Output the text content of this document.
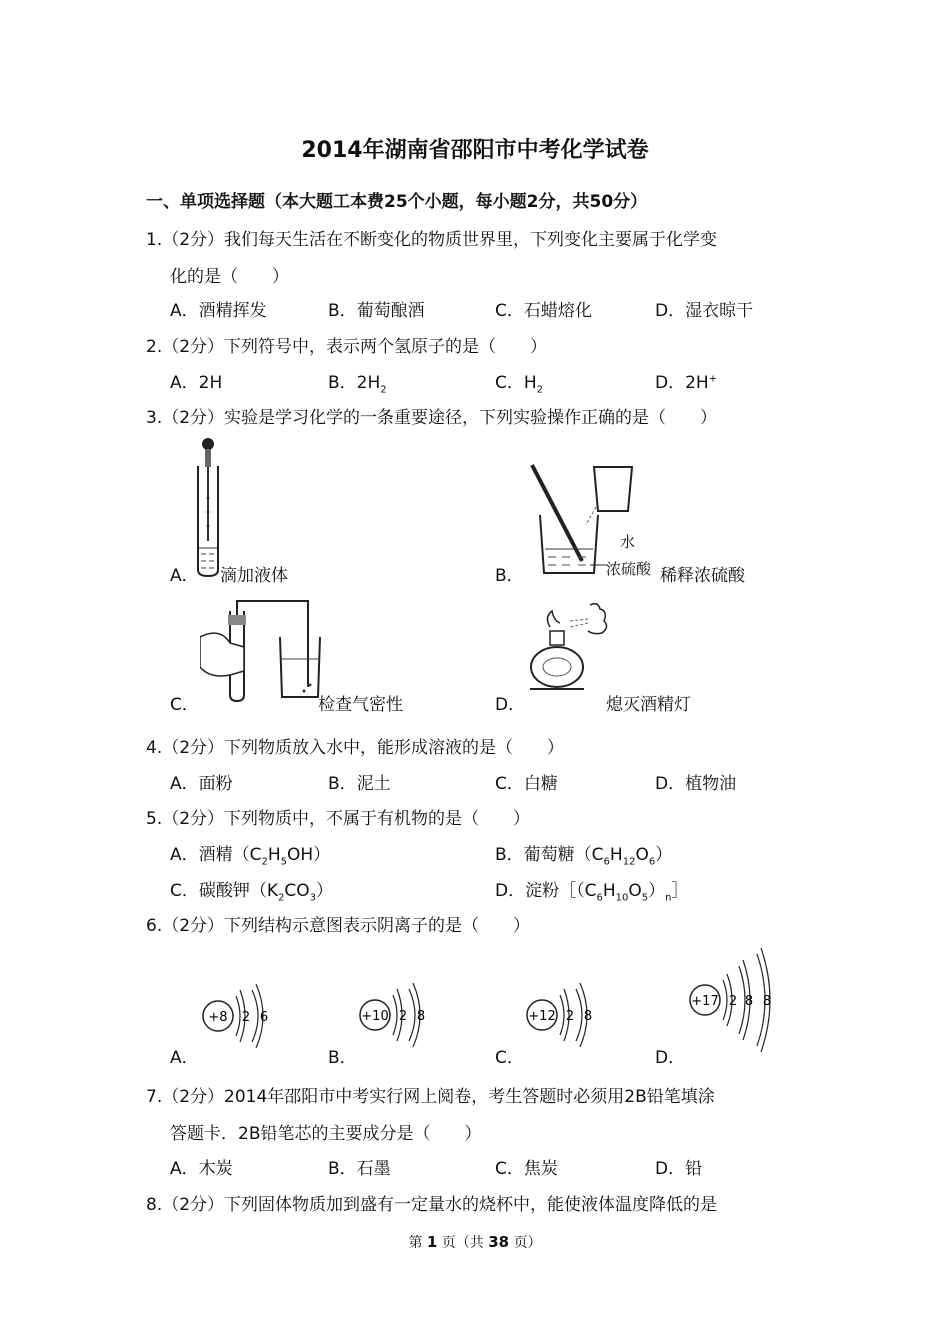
2014年湖南省邵阳市中考化学试卷
一、单项选择题（本大题工本费25个小题，每小题2分，共50分）
1.（2分）我们每天生活在不断变化的物质世界里，下列变化主要属于化学变
化的是（　　）
A．酒精挥发	B．葡萄酿酒	C．石蜡熔化	D．湿衣晾干
2.（2分）下列符号中，表示两个氢原子的是（　　）
A．2H	B．$2H_2$	C．$H_2$	D．2H+
3.（2分）实验是学习化学的一条重要途径，下列实验操作正确的是（　　）
A． 滴加液体
水
浓硫酸
B．	稀释浓硫酸
C．	检查气密性	D．	熄灭酒精灯
4.（2分）下列物质放入水中，能形成溶液的是（　　）
A．面粉	B．泥土	C．白糖	D．植物油
5.（2分）下列物质中，不属于有机物的是（　　）
A．酒精$(C_2H_5OH)$	B．葡萄糖$(C_6H_{12}O_6)$
C．碳酸钾$(K_2CO_3)$	D．淀粉$[(C_6H_{10}O_5)_n]$
6.（2分）下列结构示意图表示阴离子的是（　　）
+8 2 6	+10 2 8	+12 2 8
+17 2 8 8
A．	B．	C．	D．
7.（2分）2014年邵阳市中考实行网上阅卷，考生答题时必须用2B铅笔填涂
答题卡．2B铅笔芯的主要成分是（　　）
A．木炭	B．石墨	C．焦炭	D．铅
8.（2分）下列固体物质加到盛有一定量水的烧杯中，能使液体温度降低的是
第 1 页（共 38 页）
